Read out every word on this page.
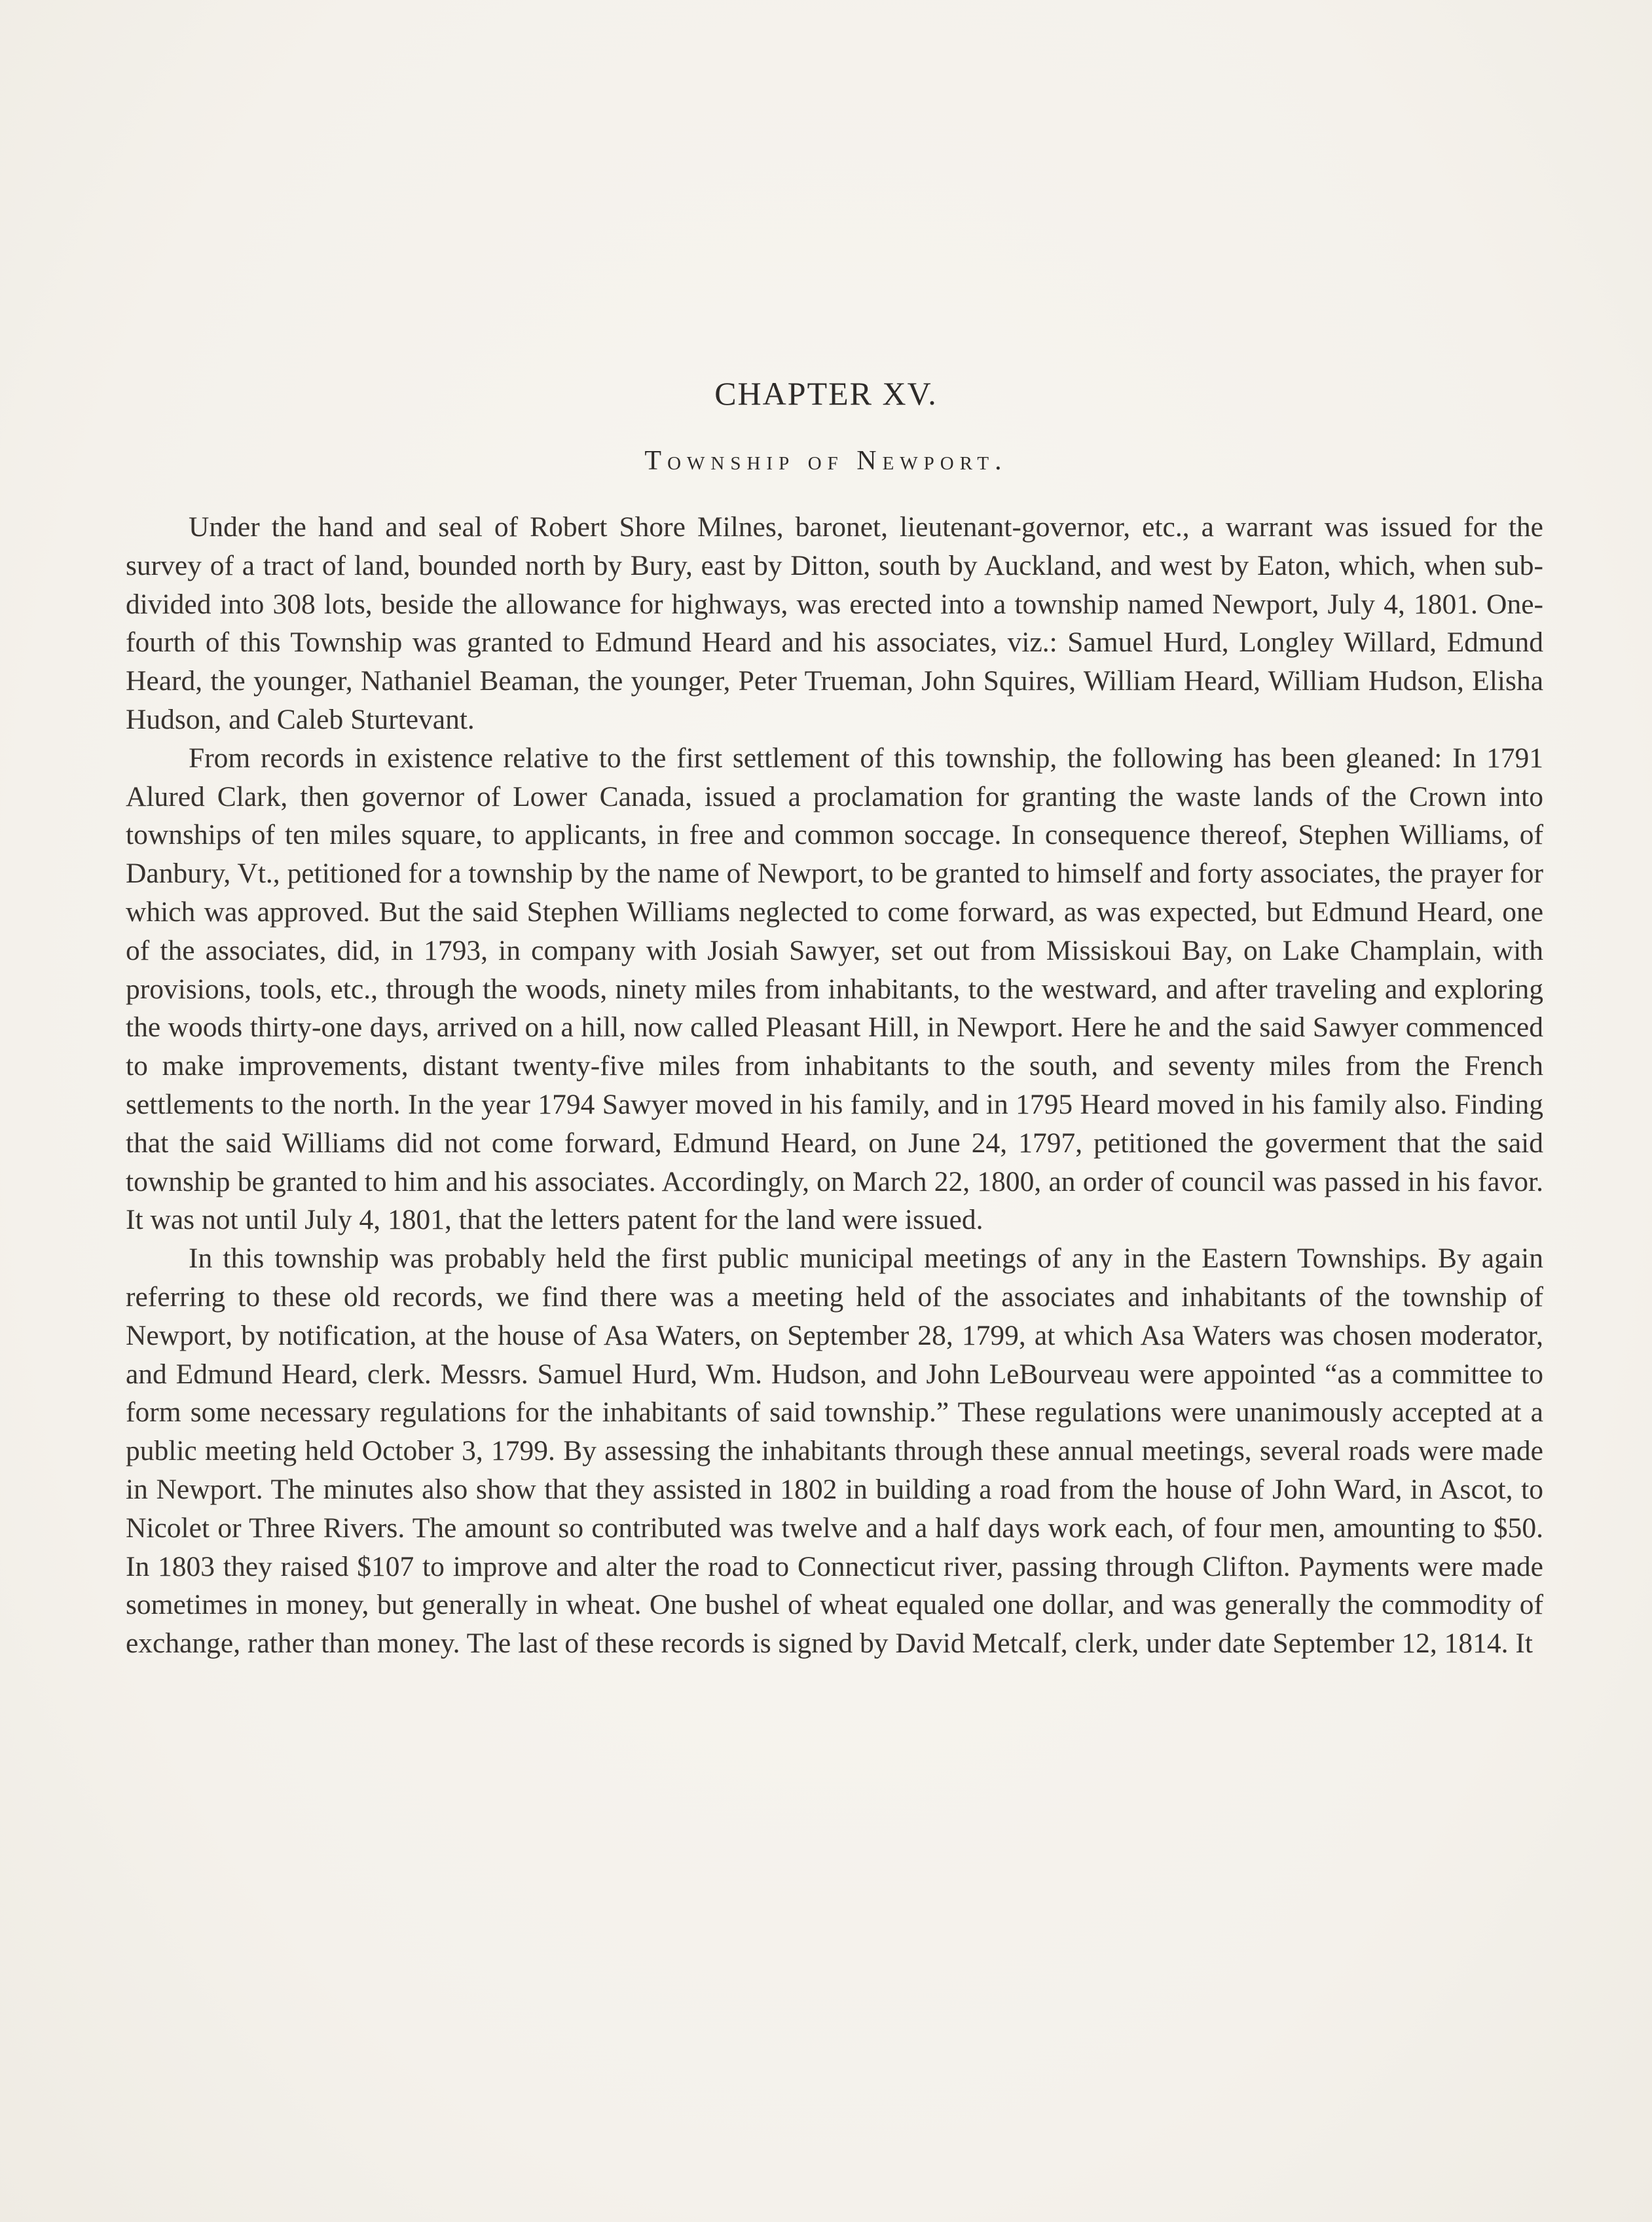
CHAPTER XV.
Township of Newport.

Under the hand and seal of Robert Shore Milnes, baronet, lieutenant-governor, etc., a warrant was issued for the survey of a tract of land, bounded north by Bury, east by Ditton, south by Auckland, and west by Eaton, which, when sub-divided into 308 lots, beside the allowance for highways, was erected into a township named Newport, July 4, 1801. One-fourth of this Township was granted to Edmund Heard and his associates, viz.: Samuel Hurd, Longley Willard, Edmund Heard, the younger, Nathaniel Beaman, the younger, Peter Trueman, John Squires, William Heard, William Hudson, Elisha Hudson, and Caleb Sturtevant.

From records in existence relative to the first settlement of this township, the following has been gleaned: In 1791 Alured Clark, then governor of Lower Canada, issued a proclamation for granting the waste lands of the Crown into townships of ten miles square, to applicants, in free and common soccage. In consequence thereof, Stephen Williams, of Danbury, Vt., petitioned for a township by the name of Newport, to be granted to himself and forty associates, the prayer for which was approved. But the said Stephen Williams neglected to come forward, as was expected, but Edmund Heard, one of the associates, did, in 1793, in company with Josiah Sawyer, set out from Missiskoui Bay, on Lake Champlain, with provisions, tools, etc., through the woods, ninety miles from inhabitants, to the westward, and after traveling and exploring the woods thirty-one days, arrived on a hill, now called Pleasant Hill, in Newport. Here he and the said Sawyer commenced to make improvements, distant twenty-five miles from inhabitants to the south, and seventy miles from the French settlements to the north. In the year 1794 Sawyer moved in his family, and in 1795 Heard moved in his family also. Finding that the said Williams did not come forward, Edmund Heard, on June 24, 1797, petitioned the goverment that the said township be granted to him and his associates. Accordingly, on March 22, 1800, an order of council was passed in his favor. It was not until July 4, 1801, that the letters patent for the land were issued.

In this township was probably held the first public municipal meetings of any in the Eastern Townships. By again referring to these old records, we find there was a meeting held of the associates and inhabitants of the township of Newport, by notification, at the house of Asa Waters, on September 28, 1799, at which Asa Waters was chosen moderator, and Edmund Heard, clerk. Messrs. Samuel Hurd, Wm. Hudson, and John LeBourveau were appointed “as a committee to form some necessary regulations for the inhabitants of said township.” These regulations were unanimously accepted at a public meeting held October 3, 1799. By assessing the inhabitants through these annual meetings, several roads were made in Newport. The minutes also show that they assisted in 1802 in building a road from the house of John Ward, in Ascot, to Nicolet or Three Rivers. The amount so contributed was twelve and a half days work each, of four men, amounting to $50. In 1803 they raised $107 to improve and alter the road to Connecticut river, passing through Clifton. Payments were made sometimes in money, but generally in wheat. One bushel of wheat equaled one dollar, and was generally the commodity of exchange, rather than money. The last of these records is signed by David Metcalf, clerk, under date September 12, 1814. It
